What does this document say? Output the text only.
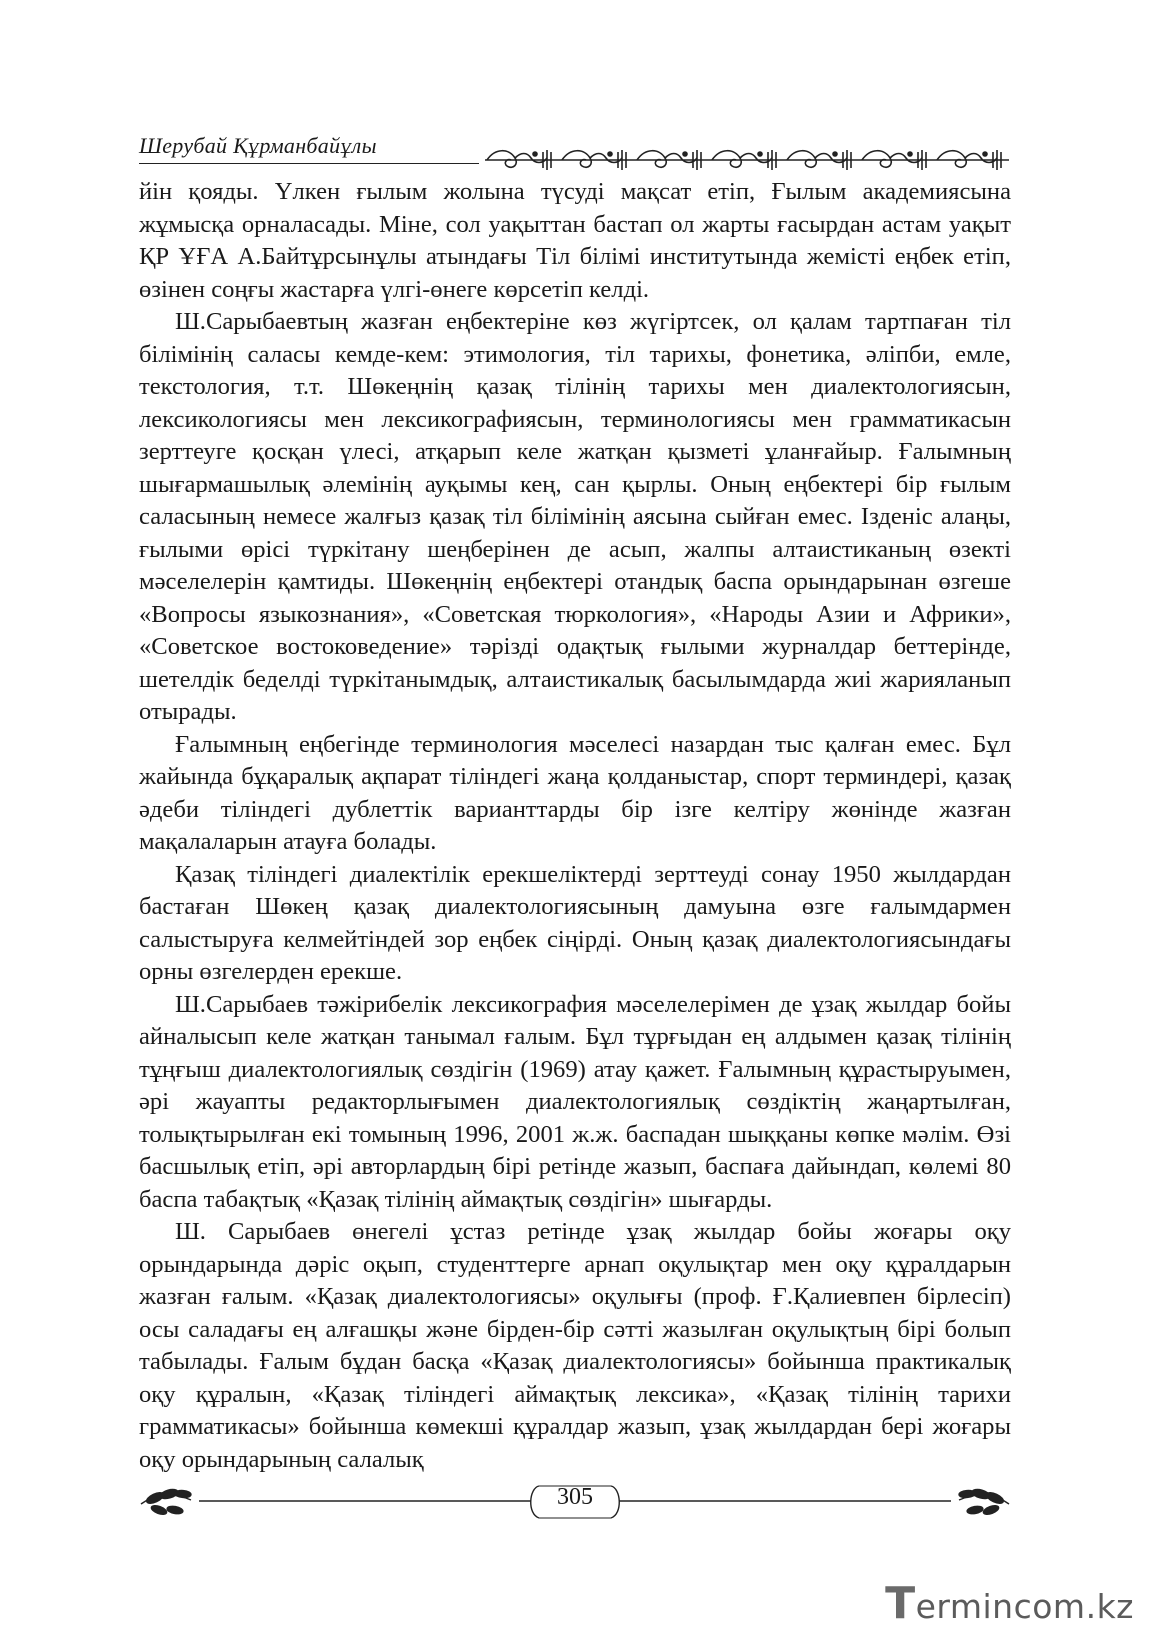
Шерубай Құрманбайұлы

йін қояды. Үлкен ғылым жолына түсуді мақсат етіп, Ғылым академиясына жұмысқа орналасады. Міне, сол уақыттан бастап ол жарты ғасырдан астам уақыт ҚР ҰҒА А.Байтұрсынұлы атындағы Тіл білімі институтында жемісті еңбек етіп, өзінен соңғы жастарға үлгі-өнеге көрсетіп келді.

Ш.Сарыбаевтың жазған еңбектеріне көз жүгіртсек, ол қалам тартпаған тіл білімінің саласы кемде-кем: этимология, тіл тарихы, фонетика, әліпби, емле, текстология, т.т. Шөкеңнің қазақ тілінің тарихы мен диалектологиясын, лексикологиясы мен лексикографиясын, терминологиясы мен грамматикасын зерттеуге қосқан үлесі, атқарып келе жатқан қызметі ұланғайыр. Ғалымның шығармашылық әлемінің ауқымы кең, сан қырлы. Оның еңбектері бір ғылым саласының немесе жалғыз қазақ тіл білімінің аясына сыйған емес. Ізденіс алаңы, ғылыми өрісі түркітану шеңберінен де асып, жалпы алтаистиканың өзекті мәселелерін қамтиды. Шөкеңнің еңбектері отандық баспа орындарынан өзгеше «Вопросы языкознания», «Советская тюркология», «Народы Азии и Африки», «Советское востоковедение» тәрізді одақтық ғылыми журналдар беттерінде, шетелдік беделді түркітанымдық, алтаистикалық басылымдарда жиі жарияланып отырады.

Ғалымның еңбегінде терминология мәселесі назардан тыс қалған емес. Бұл жайында бұқаралық ақпарат тіліндегі жаңа қолданыстар, спорт терминдері, қазақ әдеби тіліндегі дублеттік варианттарды бір ізге келтіру жөнінде жазған мақалаларын атауға болады.

Қазақ тіліндегі диалектілік ерекшеліктерді зерттеуді сонау 1950 жылдардан бастаған Шөкең қазақ диалектологиясының дамуына өзге ғалымдармен салыстыруға келмейтіндей зор еңбек сіңірді. Оның қазақ диалектологиясындағы орны өзгелерден ерекше.

Ш.Сарыбаев тәжірибелік лексикография мәселелерімен де ұзақ жылдар бойы айналысып келе жатқан танымал ғалым. Бұл тұрғыдан ең алдымен қазақ тілінің тұңғыш диалектологиялық сөздігін (1969) атау қажет. Ғалымның құрастыруымен, әрі жауапты редакторлығымен диалектологиялық сөздіктің жаңартылған, толықтырылған екі томының 1996, 2001 ж.ж. баспадан шыққаны көпке мәлім. Өзі басшылық етіп, әрі авторлардың бірі ретінде жазып, баспаға дайындап, көлемі 80 баспа табақтық «Қазақ тілінің аймақтық сөздігін» шығарды.

Ш. Сарыбаев өнегелі ұстаз ретінде ұзақ жылдар бойы жоғары оқу орындарында дәріс оқып, студенттерге арнап оқулықтар мен оқу құралдарын жазған ғалым. «Қазақ диалектологиясы» оқулығы (проф. Ғ.Қалиевпен бірлесіп) осы саладағы ең алғашқы және бірден-бір сәтті жазылған оқулықтың бірі болып табылады. Ғалым бұдан басқа «Қазақ диалектологиясы» бойынша практикалық оқу құралын, «Қазақ тіліндегі аймақтық лексика», «Қазақ тілінің тарихи грамматикасы» бойынша көмекші құралдар жазып, ұзақ жылдардан бері жоғары оқу орындарының салалық

305
Termincom.kz
